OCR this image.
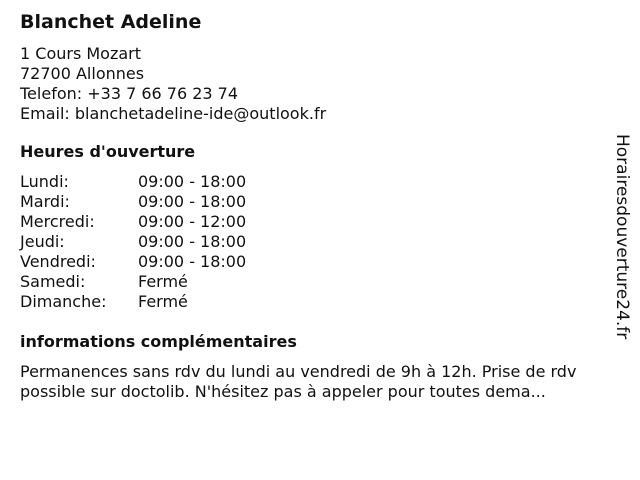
Blanchet Adeline
1 Cours Mozart
72700 Allonnes
Telefon: +33 7 66 76 23 74
Email: blanchetadeline-ide@outlook.fr
Heures d'ouverture
Lundi:	09:00 - 18:00
Mardi:	09:00 - 18:00
Mercredi:	09:00 - 12:00
Jeudi:	09:00 - 18:00
Vendredi:	09:00 - 18:00
Samedi:	Fermé
Dimanche:	Fermé
informations complémentaires
Permanences sans rdv du lundi au vendredi de 9h à 12h. Prise de rdv possible sur doctolib. N'hésitez pas à appeler pour toutes dema...
Horairesdouverture24.fr
